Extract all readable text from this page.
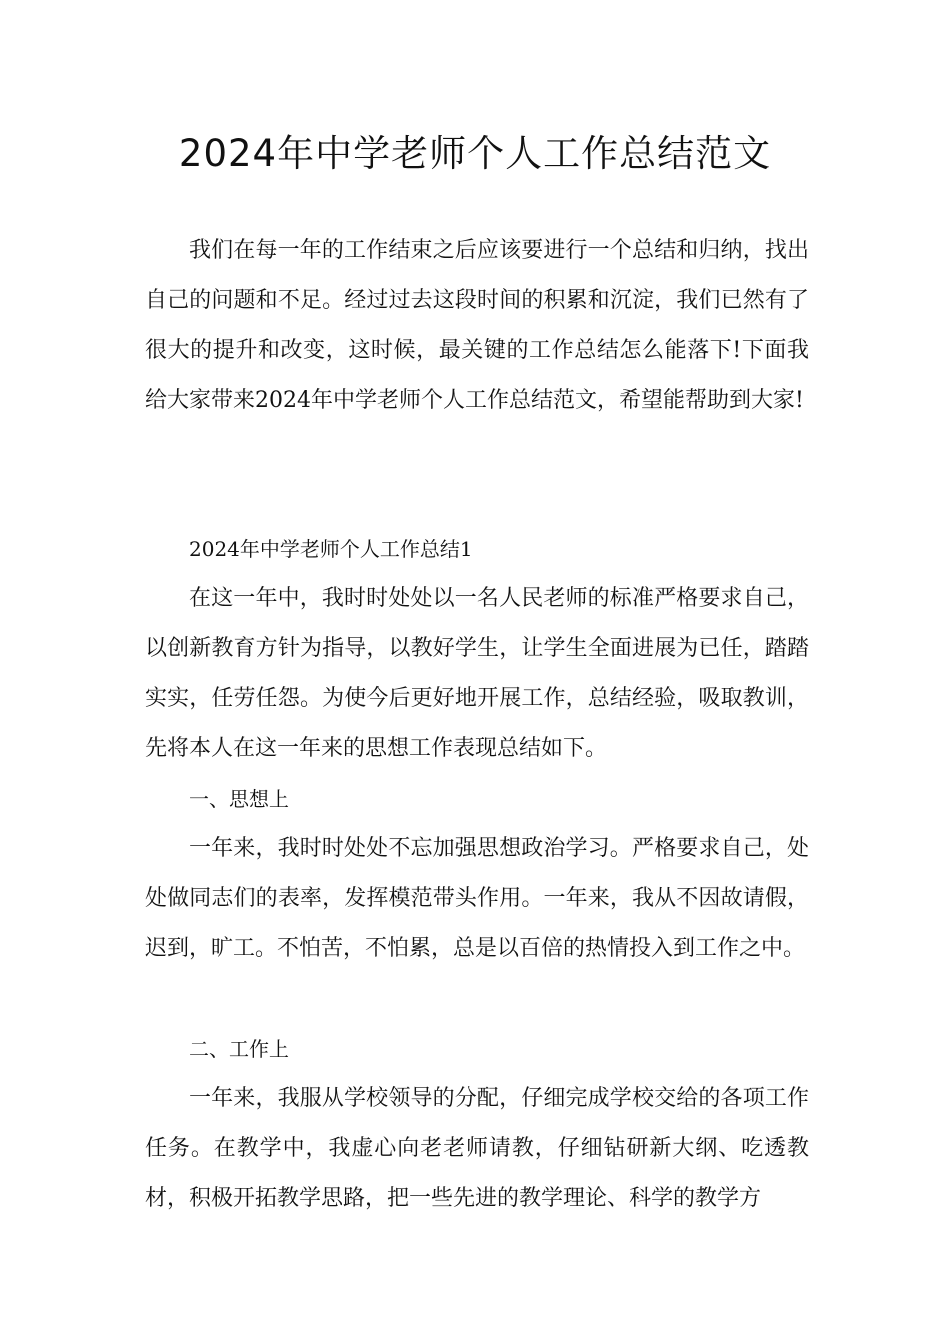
2024年中学老师个人工作总结范文

我们在每一年的工作结束之后应该要进行一个总结和归纳，找出自己的问题和不足。经过过去这段时间的积累和沉淀，我们已然有了很大的提升和改变，这时候，最关键的工作总结怎么能落下!下面我给大家带来2024年中学老师个人工作总结范文，希望能帮助到大家!

2024年中学老师个人工作总结1

在这一年中，我时时处处以一名人民老师的标准严格要求自己，以创新教育方针为指导，以教好学生，让学生全面进展为已任，踏踏实实，任劳任怨。为使今后更好地开展工作，总结经验，吸取教训，先将本人在这一年来的思想工作表现总结如下。

一、思想上

一年来，我时时处处不忘加强思想政治学习。严格要求自己，处处做同志们的表率，发挥模范带头作用。一年来，我从不因故请假，迟到，旷工。不怕苦，不怕累，总是以百倍的热情投入到工作之中。

二、工作上

一年来，我服从学校领导的分配，仔细完成学校交给的各项工作任务。在教学中，我虚心向老老师请教，仔细钻研新大纲、吃透教材，积极开拓教学思路，把一些先进的教学理论、科学的教学方
